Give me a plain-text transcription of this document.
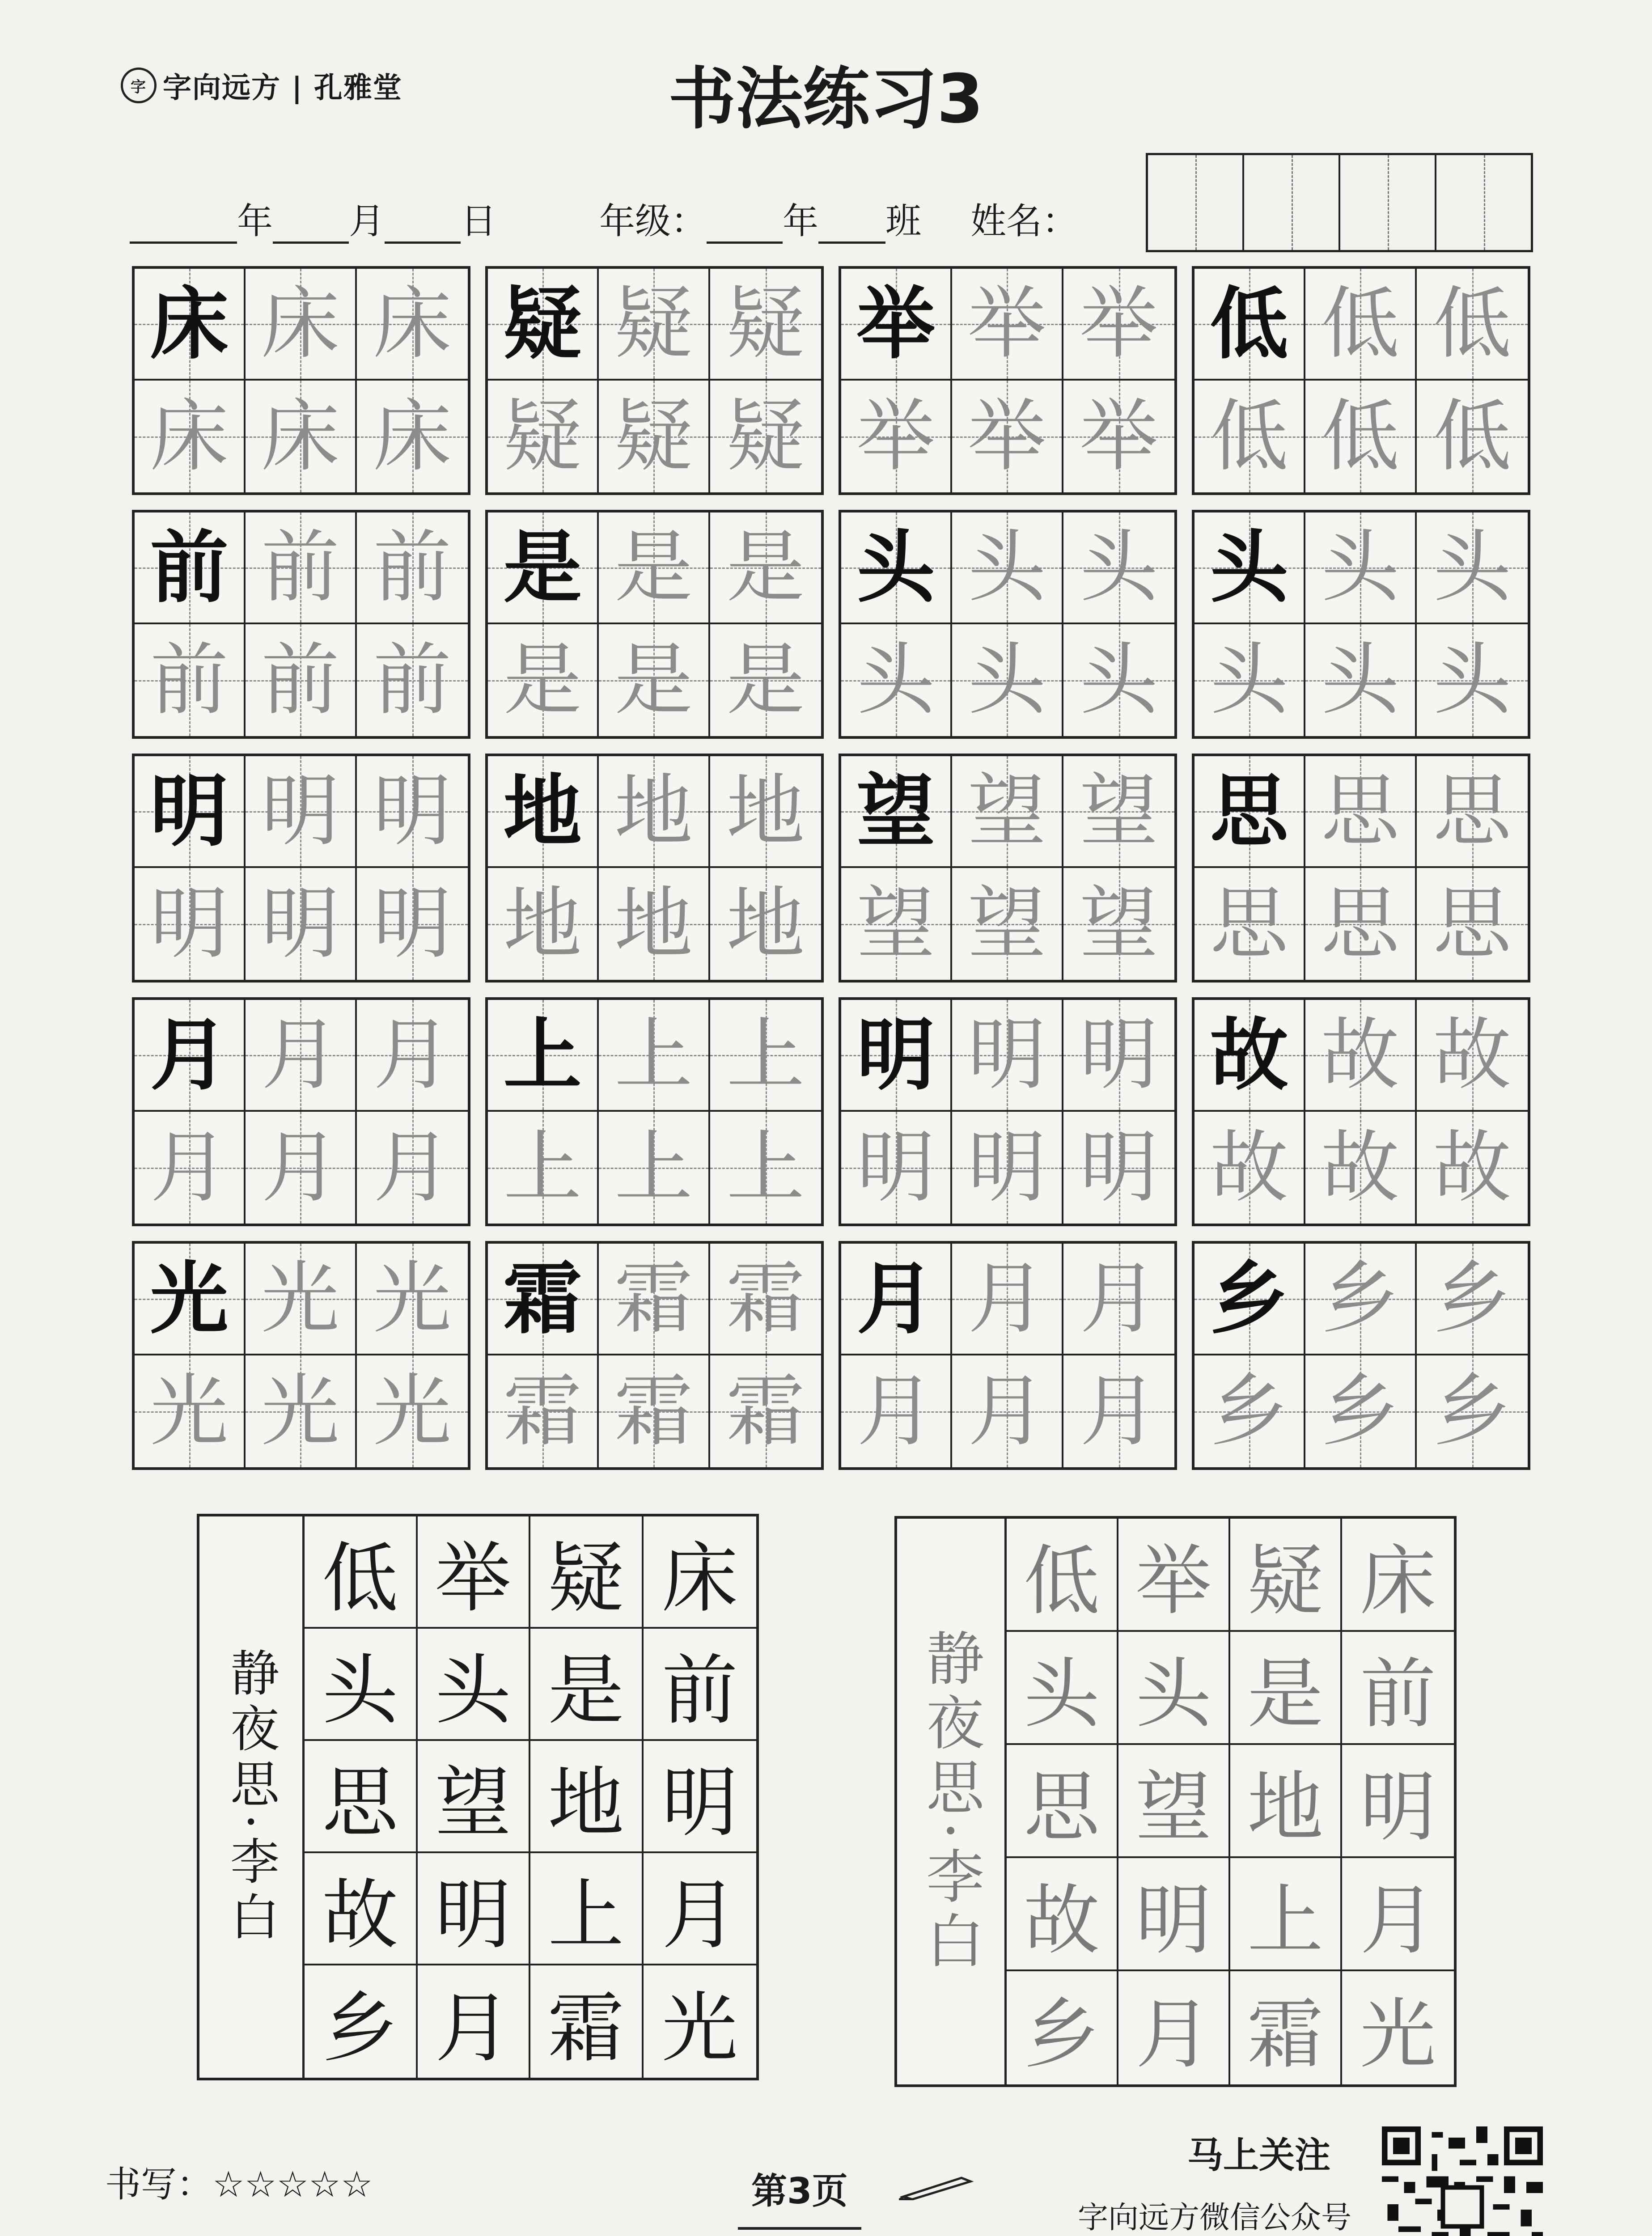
字 字向远方 | 孔雅堂	书法练习3
年 月 日	年级： 年 班 姓名：
床 床 床
床 床 床
疑 疑 疑
疑 疑 疑
举 举 举
举 举 举
低 低 低
低 低 低
前 前 前
前 前 前
是 是 是
是 是 是
头 头 头
头 头 头
头 头 头
头 头 头
明 明 明
明 明 明
地 地 地
地 地 地
望 望 望
望 望 望
思 思 思
思 思 思
月 月 月
月 月 月
上 上 上
上 上 上
明 明 明
明 明 明
故 故 故
故 故 故
光 光 光
光 光 光
霜 霜 霜
霜 霜 霜
月 月 月
月 月 月
乡 乡 乡
乡 乡 乡
静夜思·李白
低 举 疑 床
头 头 是 前
思 望 地 明
故 明 上 月
乡 月 霜 光
静夜思·李白
低 举 疑 床
头 头 是 前
思 望 地 明
故 明 上 月
乡 月 霜 光
书写：☆☆☆☆☆	第3页
马上关注
字向远方微信公众号
